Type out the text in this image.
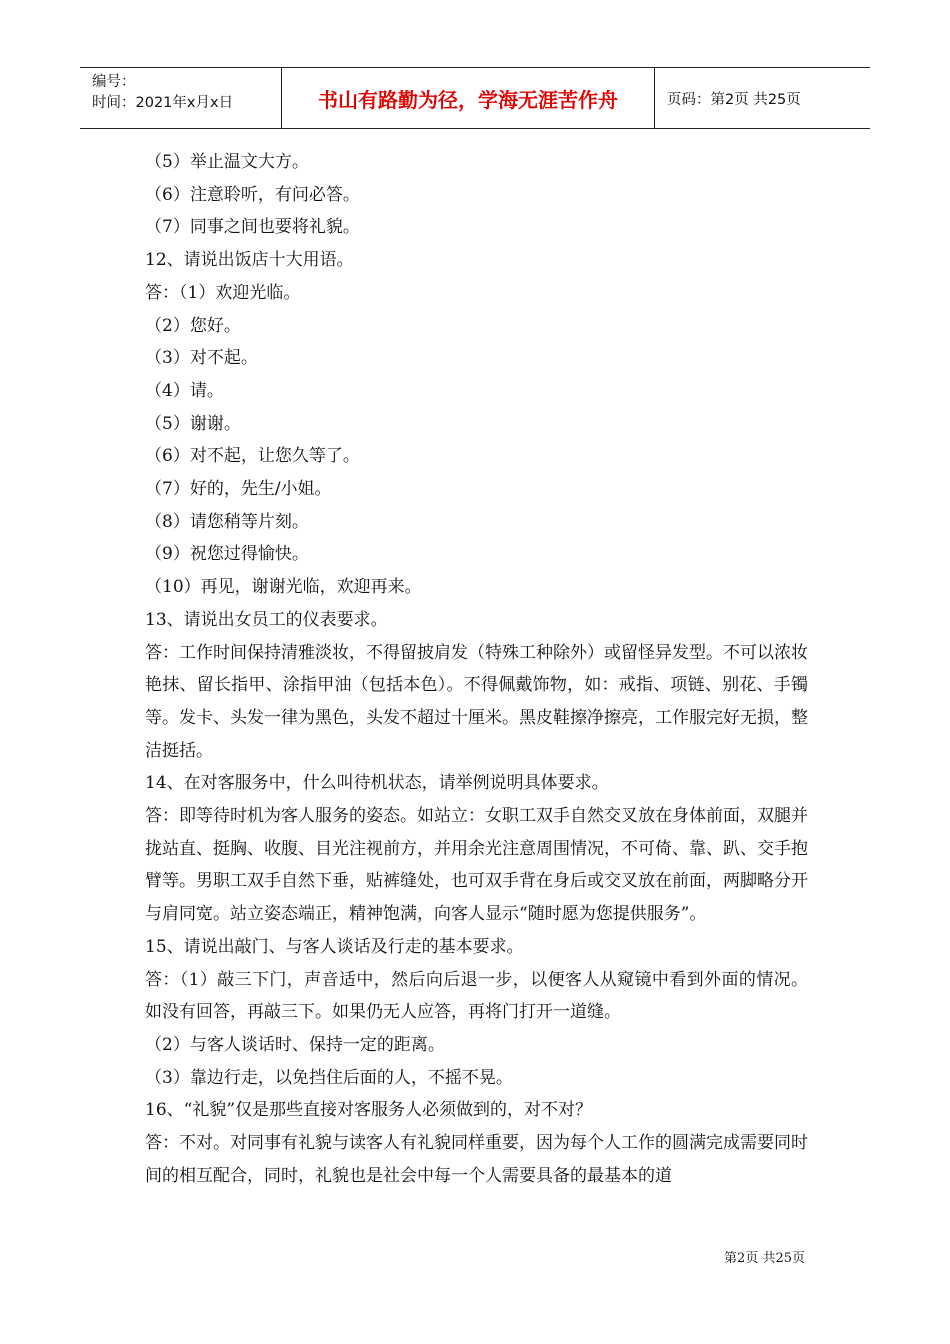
编号：
时间：2021年x月x日	书山有路勤为径，学海无涯苦作舟	页码：第2页 共25页
（5）举止温文大方。
（6）注意聆听，有问必答。
（7）同事之间也要将礼貌。
12、请说出饭店十大用语。
答：（1）欢迎光临。
（2）您好。
（3）对不起。
（4）请。
（5）谢谢。
（6）对不起，让您久等了。
（7）好的，先生/小姐。
（8）请您稍等片刻。
（9）祝您过得愉快。
（10）再见，谢谢光临，欢迎再来。
13、请说出女员工的仪表要求。
答：工作时间保持清雅淡妆，不得留披肩发（特殊工种除外）或留怪异发型。不可以浓妆艳抹、留长指甲、涂指甲油（包括本色）。不得佩戴饰物，如：戒指、项链、别花、手镯等。发卡、头发一律为黑色，头发不超过十厘米。黑皮鞋擦净擦亮，工作服完好无损，整洁挺括。
14、在对客服务中，什么叫待机状态，请举例说明具体要求。
答：即等待时机为客人服务的姿态。如站立：女职工双手自然交叉放在身体前面，双腿并拢站直、挺胸、收腹、目光注视前方，并用余光注意周围情况，不可倚、靠、趴、交手抱臂等。男职工双手自然下垂，贴裤缝处，也可双手背在身后或交叉放在前面，两脚略分开与肩同宽。站立姿态端正，精神饱满，向客人显示“随时愿为您提供服务”。
15、请说出敲门、与客人谈话及行走的基本要求。
答：（1）敲三下门，声音适中，然后向后退一步，以便客人从窥镜中看到外面的情况。如没有回答，再敲三下。如果仍无人应答，再将门打开一道缝。
（2）与客人谈话时、保持一定的距离。
（3）靠边行走，以免挡住后面的人，不摇不晃。
16、“礼貌”仅是那些直接对客服务人必须做到的，对不对？
答：不对。对同事有礼貌与读客人有礼貌同样重要，因为每个人工作的圆满完成需要同时间的相互配合，同时，礼貌也是社会中每一个人需要具备的最基本的道
第2页 共25页
